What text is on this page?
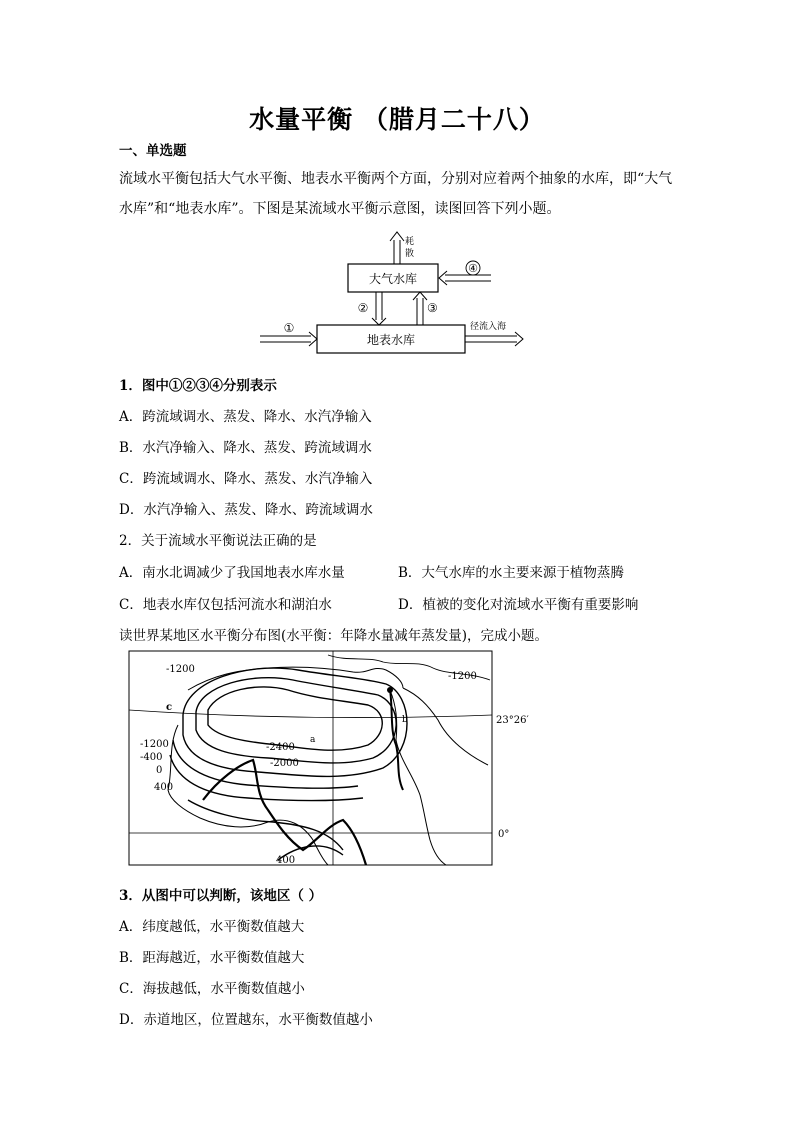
水量平衡 （腊月二十八）
一、单选题
流域水平衡包括大气水平衡、地表水平衡两个方面，分别对应着两个抽象的水库，即“大气水库”和“地表水库”。下图是某流域水平衡示意图，读图回答下列小题。
大气水库
地表水库
耗
散
④
②	③
①	径流入海
1．图中①②③④分别表示
A．跨流域调水、蒸发、降水、水汽净输入
B．水汽净输入、降水、蒸发、跨流域调水
C．跨流域调水、降水、蒸发、水汽净输入
D．水汽净输入、蒸发、降水、跨流域调水
2．关于流域水平衡说法正确的是
A．南水北调减少了我国地表水库水量	B．大气水库的水主要来源于植物蒸腾
C．地表水库仅包括河流水和湖泊水	D．植被的变化对流域水平衡有重要影响
读世界某地区水平衡分布图(水平衡：年降水量减年蒸发量)，完成小题。
-1200
-1200
-1200
-400
0
400
-2400
-2000
400
c
a
b	23°26′
0°
3．从图中可以判断，该地区（ ）
A．纬度越低，水平衡数值越大
B．距海越近，水平衡数值越大
C．海拔越低，水平衡数值越小
D．赤道地区，位置越东，水平衡数值越小
